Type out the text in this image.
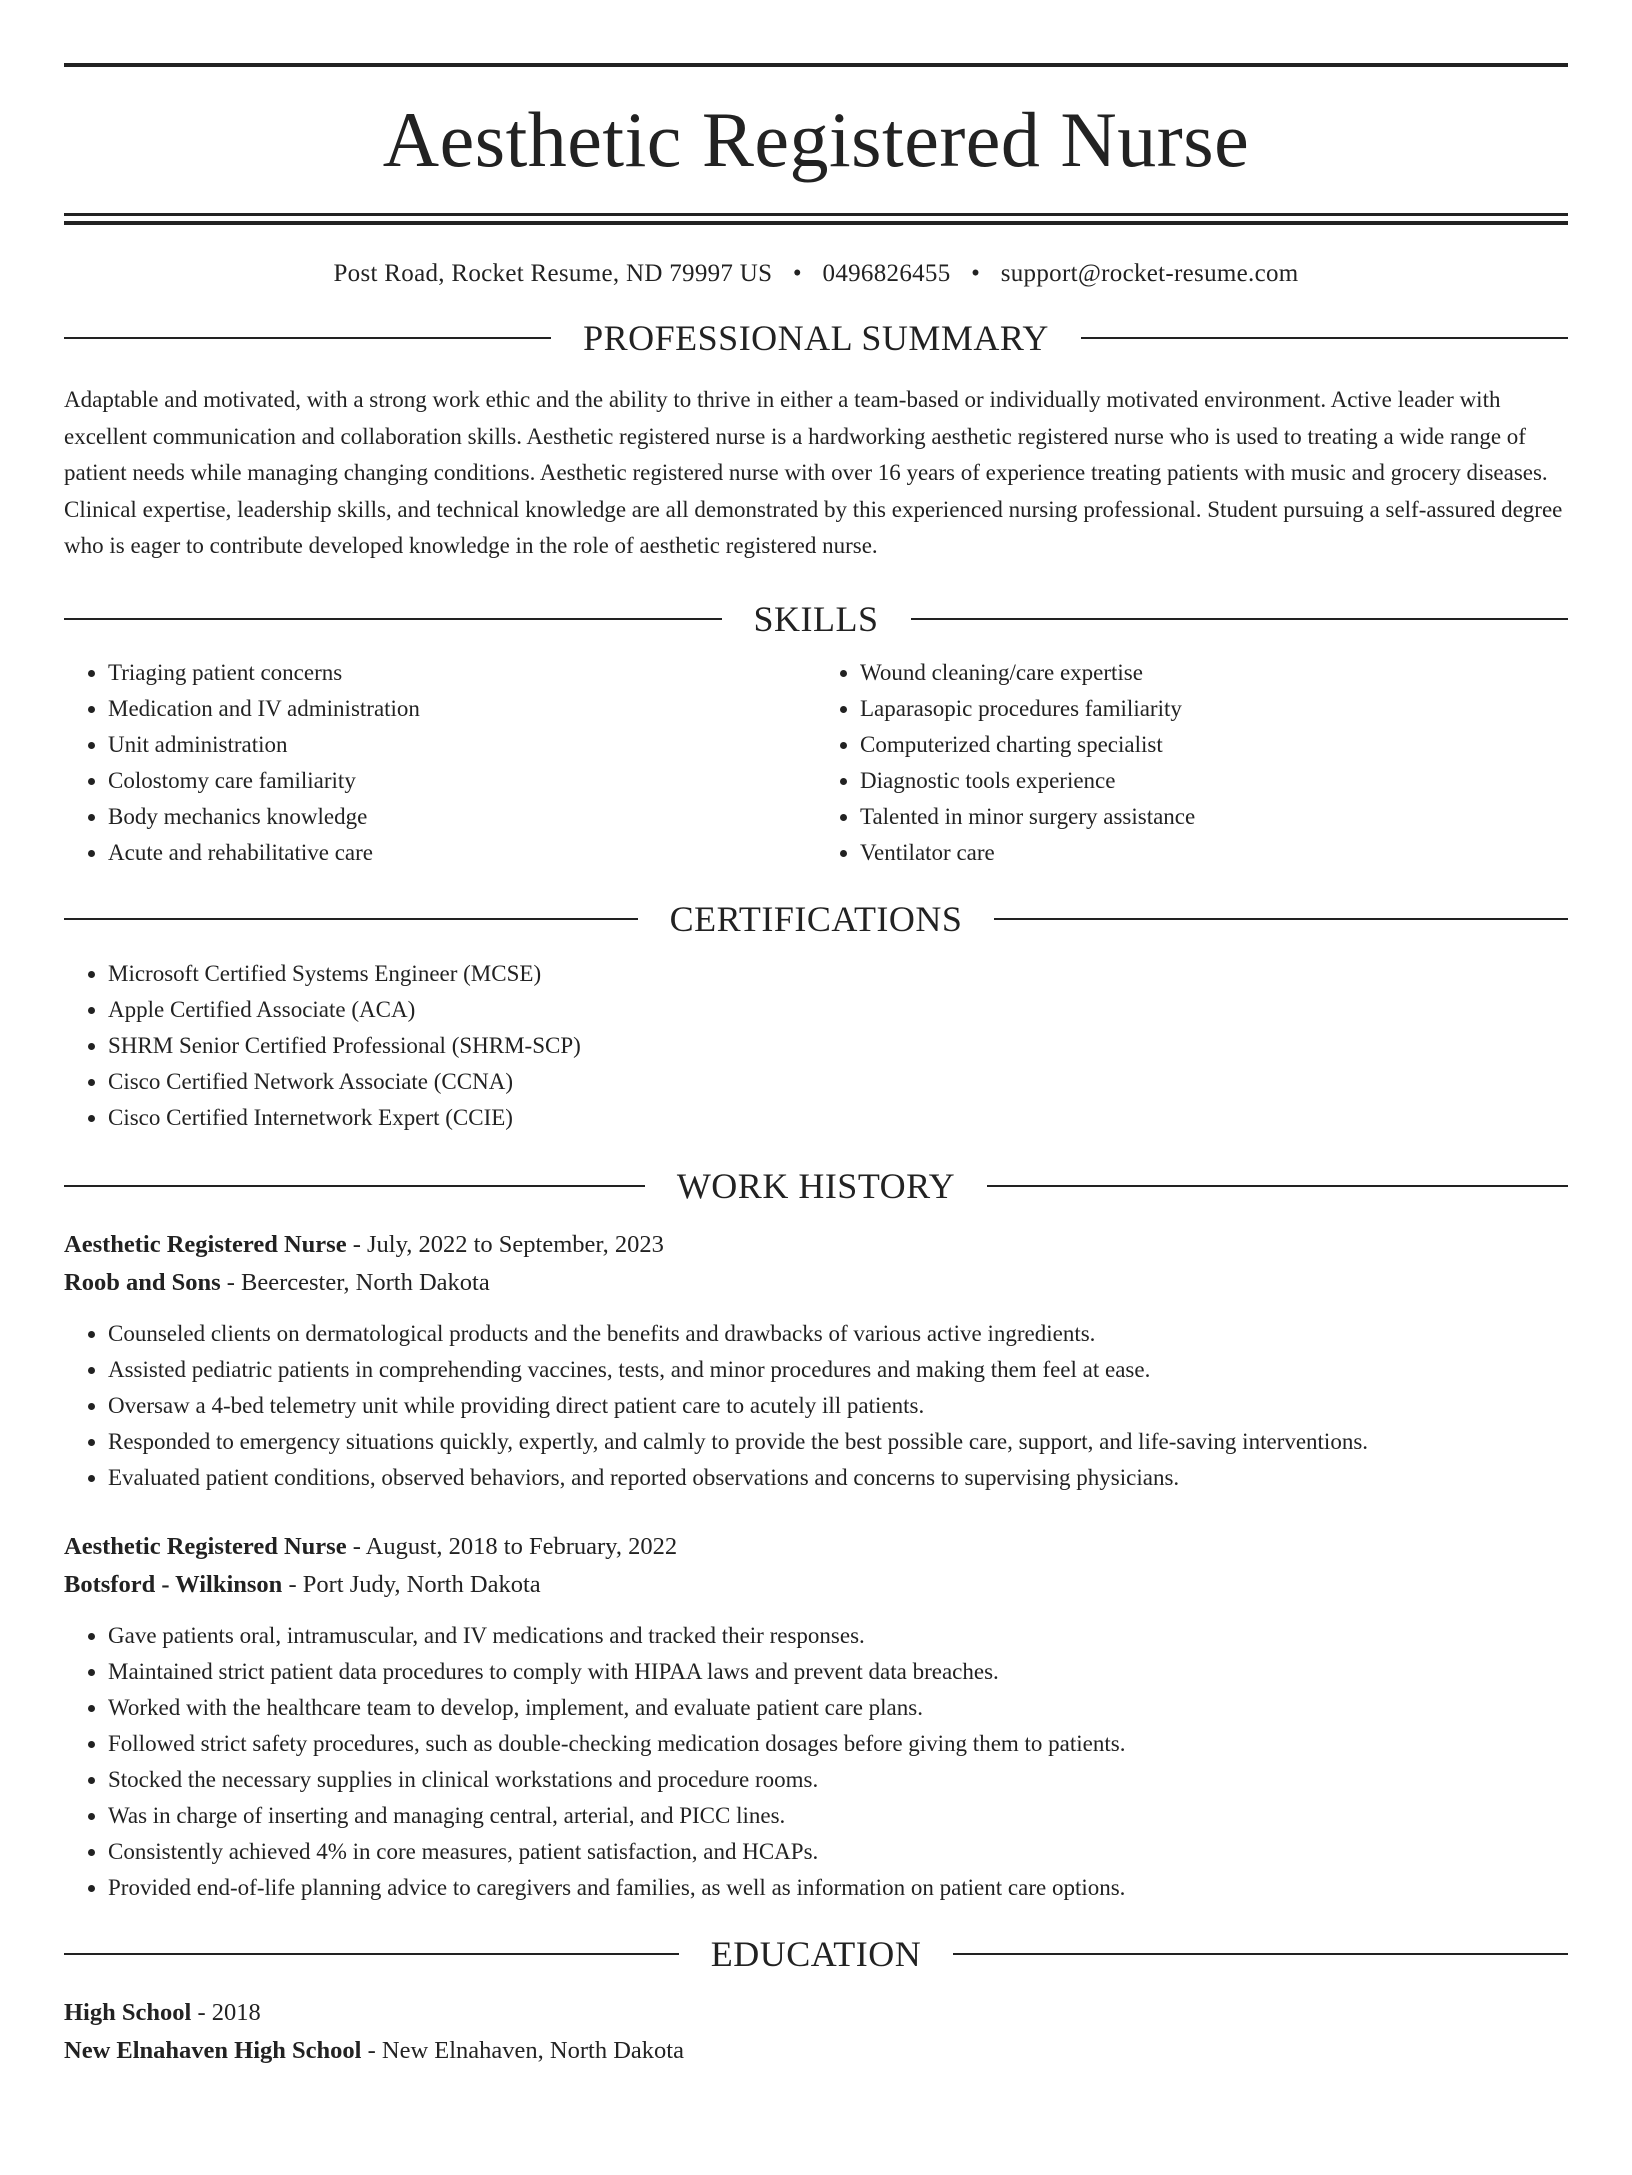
Aesthetic Registered Nurse
Post Road, Rocket Resume, ND 79997 US • 0496826455 • support@rocket-resume.com
PROFESSIONAL SUMMARY

Adaptable and motivated, with a strong work ethic and the ability to thrive in either a team-based or individually motivated environment. Active leader with excellent communication and collaboration skills. Aesthetic registered nurse is a hardworking aesthetic registered nurse who is used to treating a wide range of patient needs while managing changing conditions. Aesthetic registered nurse with over 16 years of experience treating patients with music and grocery diseases. Clinical expertise, leadership skills, and technical knowledge are all demonstrated by this experienced nursing professional. Student pursuing a self-assured degree who is eager to contribute developed knowledge in the role of aesthetic registered nurse.

SKILLS
• Triaging patient concerns
• Medication and IV administration
• Unit administration
• Colostomy care familiarity
• Body mechanics knowledge
• Acute and rehabilitative care
• Wound cleaning/care expertise
• Laparasopic procedures familiarity
• Computerized charting specialist
• Diagnostic tools experience
• Talented in minor surgery assistance
• Ventilator care
CERTIFICATIONS
• Microsoft Certified Systems Engineer (MCSE)
• Apple Certified Associate (ACA)
• SHRM Senior Certified Professional (SHRM-SCP)
• Cisco Certified Network Associate (CCNA)
• Cisco Certified Internetwork Expert (CCIE)
WORK HISTORY
Aesthetic Registered Nurse - July, 2022 to September, 2023
Roob and Sons - Beercester, North Dakota
• Counseled clients on dermatological products and the benefits and drawbacks of various active ingredients.
• Assisted pediatric patients in comprehending vaccines, tests, and minor procedures and making them feel at ease.
• Oversaw a 4-bed telemetry unit while providing direct patient care to acutely ill patients.
• Responded to emergency situations quickly, expertly, and calmly to provide the best possible care, support, and life-saving interventions.
• Evaluated patient conditions, observed behaviors, and reported observations and concerns to supervising physicians.
Aesthetic Registered Nurse - August, 2018 to February, 2022
Botsford - Wilkinson - Port Judy, North Dakota
• Gave patients oral, intramuscular, and IV medications and tracked their responses.
• Maintained strict patient data procedures to comply with HIPAA laws and prevent data breaches.
• Worked with the healthcare team to develop, implement, and evaluate patient care plans.
• Followed strict safety procedures, such as double-checking medication dosages before giving them to patients.
• Stocked the necessary supplies in clinical workstations and procedure rooms.
• Was in charge of inserting and managing central, arterial, and PICC lines.
• Consistently achieved 4% in core measures, patient satisfaction, and HCAPs.
• Provided end-of-life planning advice to caregivers and families, as well as information on patient care options.
EDUCATION
High School - 2018
New Elnahaven High School - New Elnahaven, North Dakota
